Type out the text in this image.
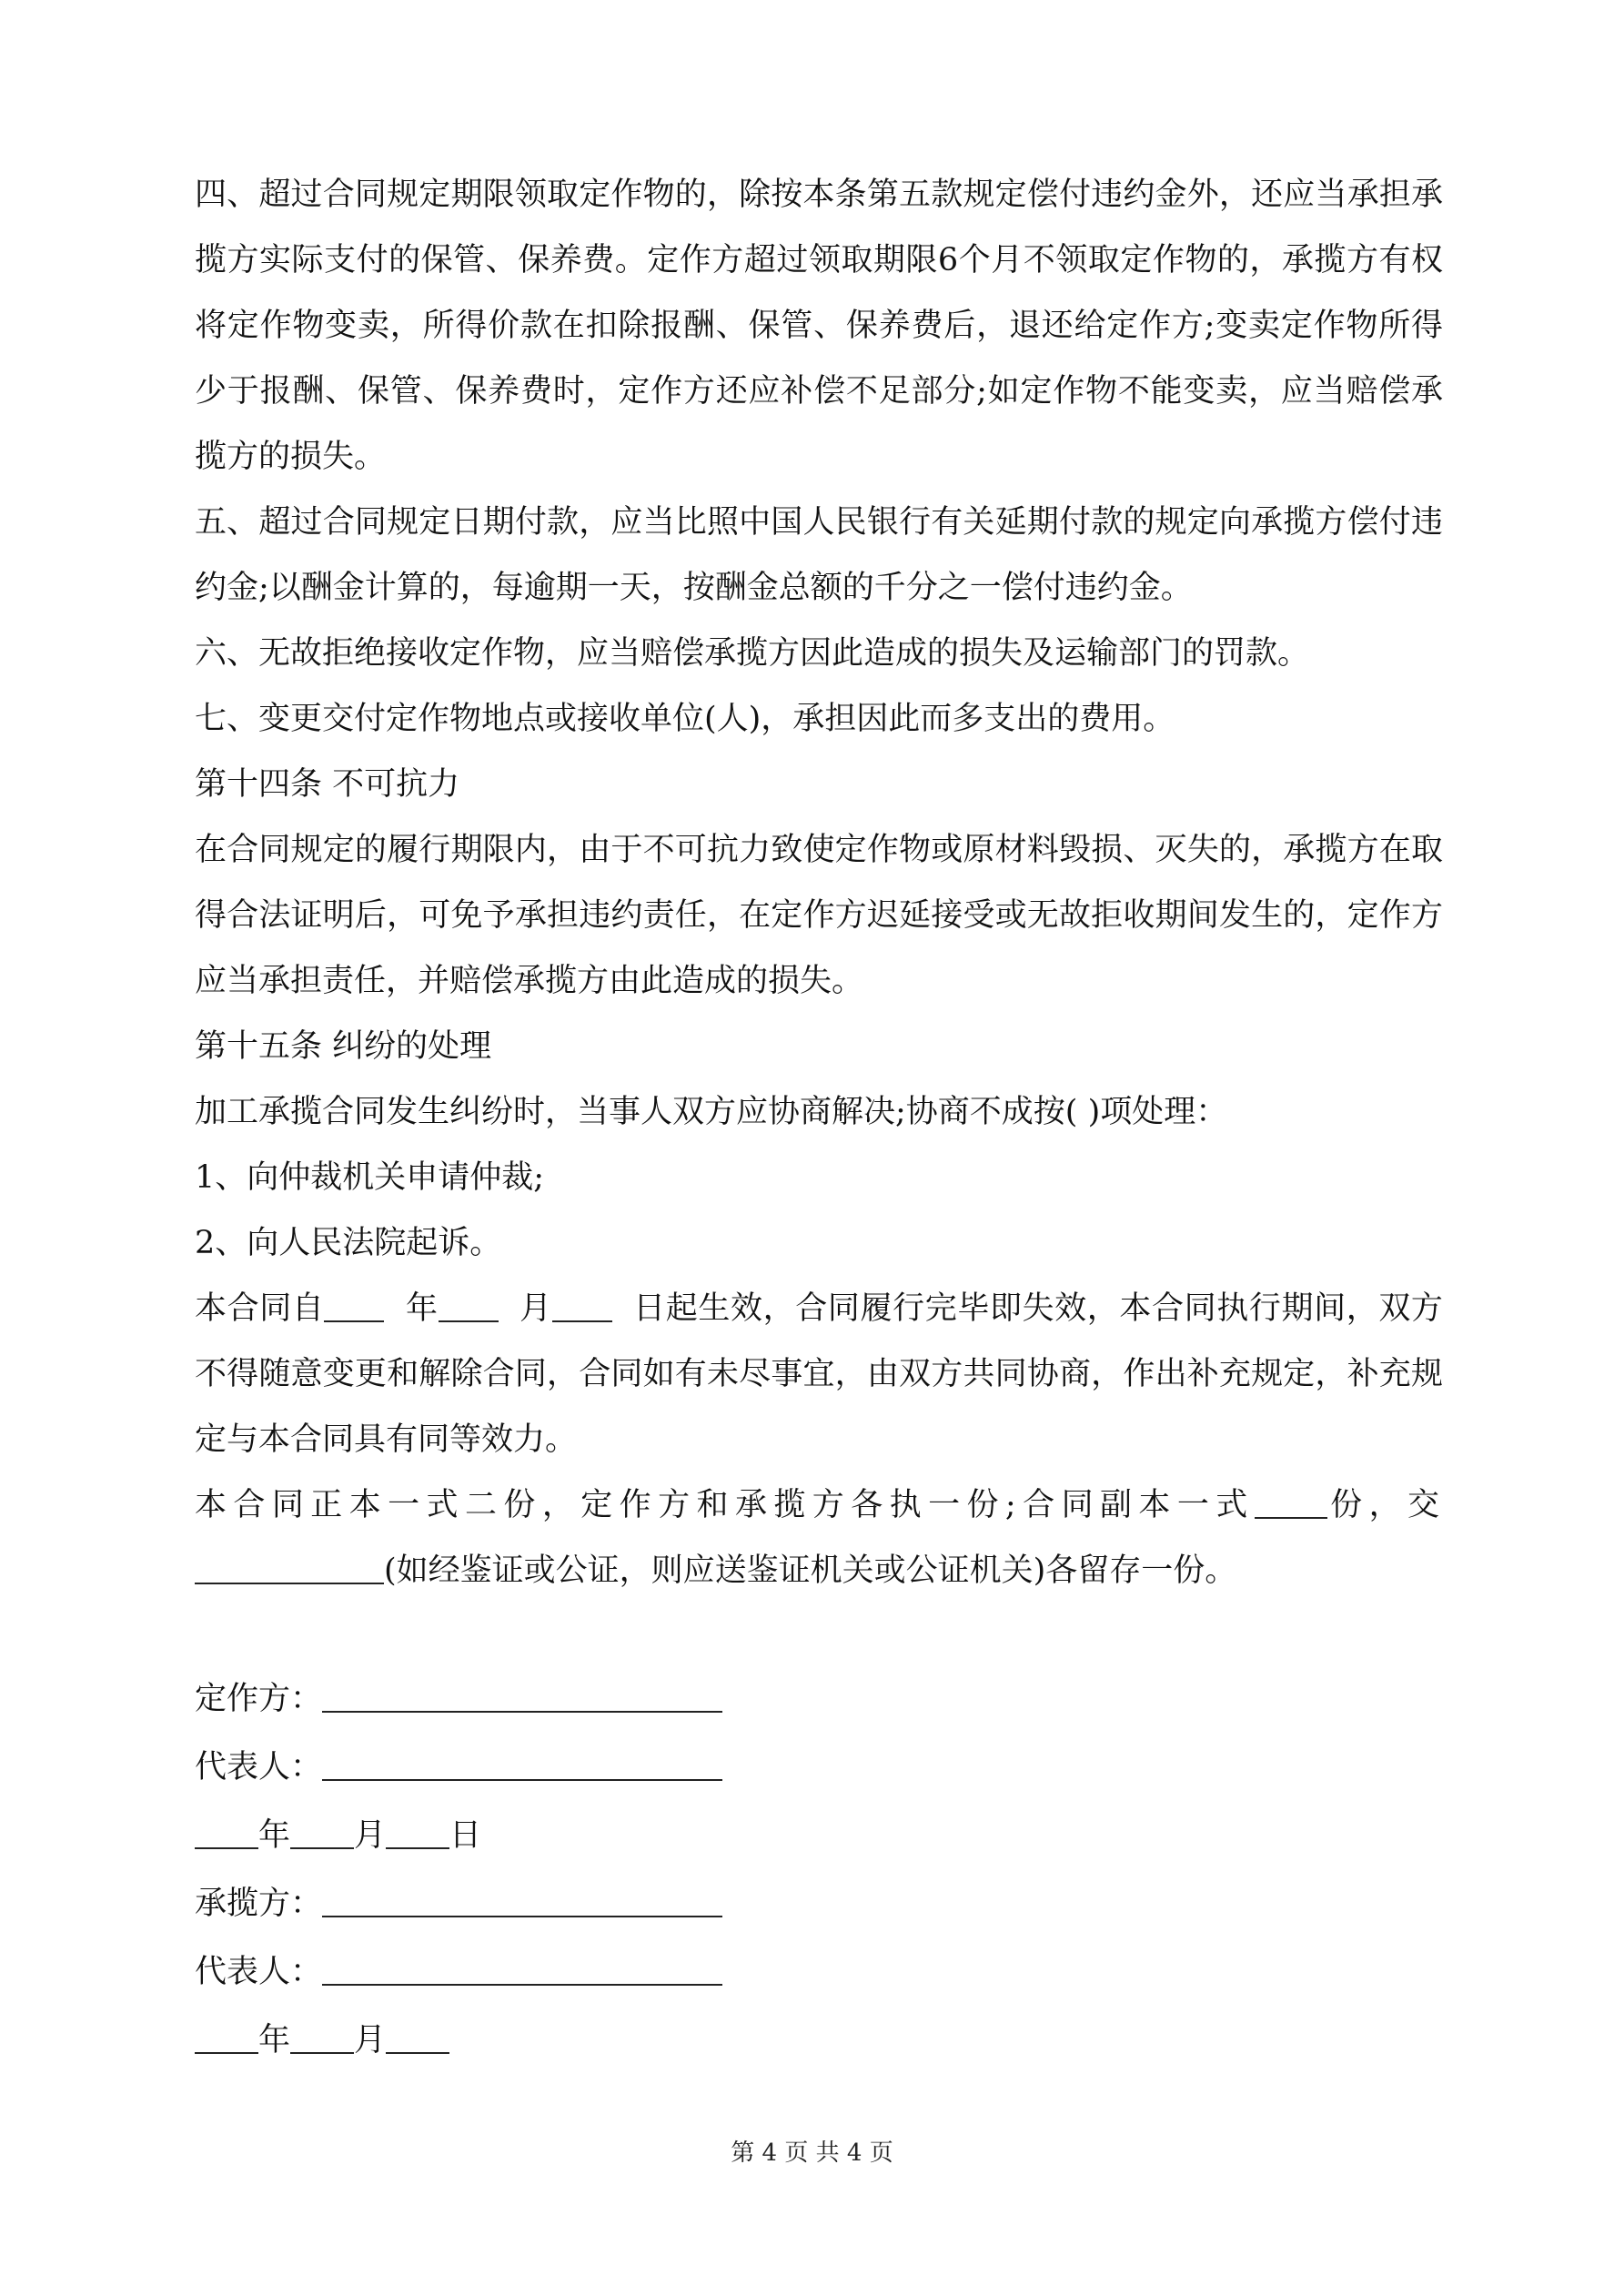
四、超过合同规定期限领取定作物的，除按本条第五款规定偿付违约金外，还应当承担承揽方实际支付的保管、保养费。定作方超过领取期限6个月不领取定作物的，承揽方有权将定作物变卖，所得价款在扣除报酬、保管、保养费后，退还给定作方;变卖定作物所得少于报酬、保管、保养费时，定作方还应补偿不足部分;如定作物不能变卖，应当赔偿承揽方的损失。

五、超过合同规定日期付款，应当比照中国人民银行有关延期付款的规定向承揽方偿付违约金;以酬金计算的，每逾期一天，按酬金总额的千分之一偿付违约金。

六、无故拒绝接收定作物，应当赔偿承揽方因此造成的损失及运输部门的罚款。

七、变更交付定作物地点或接收单位(人)，承担因此而多支出的费用。

第十四条 不可抗力

在合同规定的履行期限内，由于不可抗力致使定作物或原材料毁损、灭失的，承揽方在取得合法证明后，可免予承担违约责任，在定作方迟延接受或无故拒收期间发生的，定作方应当承担责任，并赔偿承揽方由此造成的损失。

第十五条 纠纷的处理

加工承揽合同发生纠纷时，当事人双方应协商解决;协商不成按( )项处理：

1、向仲裁机关申请仲裁;

2、向人民法院起诉。

本合同自	年	月	日起生效，合同履行完毕即失效，本合同执行期间，双方不得随意变更和解除合同，合同如有未尽事宜，由双方共同协商，作出补充规定，补充规定与本合同具有同等效力。

本合同正本一式二份，定作方和承揽方各执一份;合同副本一式 份，交(如经鉴证或公证，则应送鉴证机关或公证机关)各留存一份。

定作方：
代表人：
年 月 日
承揽方：
代表人：
年 月
第 4 页 共 4 页
